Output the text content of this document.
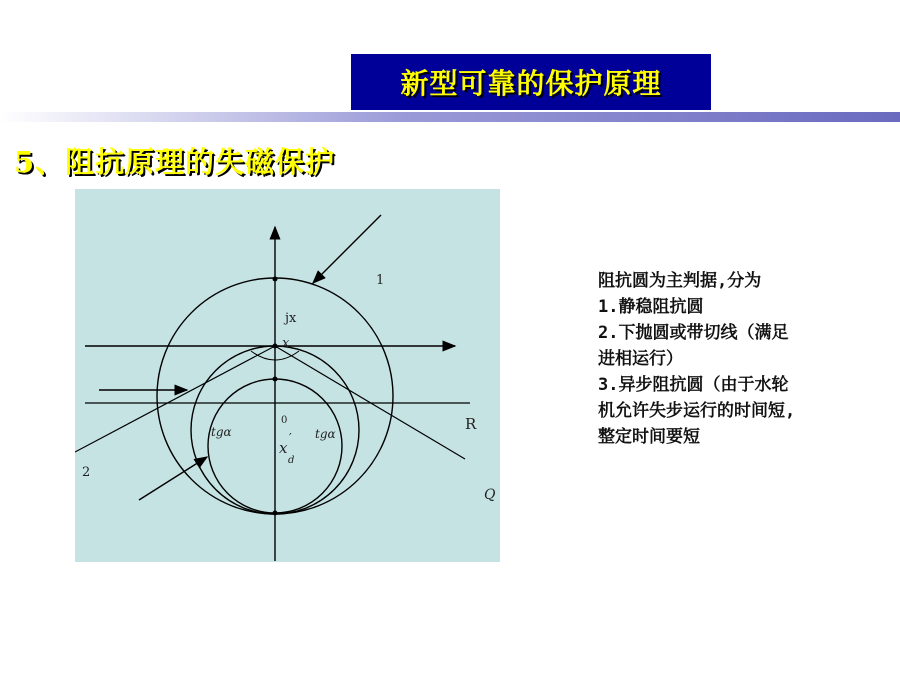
新型可靠的保护原理
5、阻抗原理的失磁保护
jx
x
0	R
1
2
Q
tgα	tgα
x
′
d
阻抗圆为主判据,分为
1.静稳阻抗圆
2.下抛圆或带切线（满足
进相运行）
3.异步阻抗圆（由于水轮
机允许失步运行的时间短,
整定时间要短
